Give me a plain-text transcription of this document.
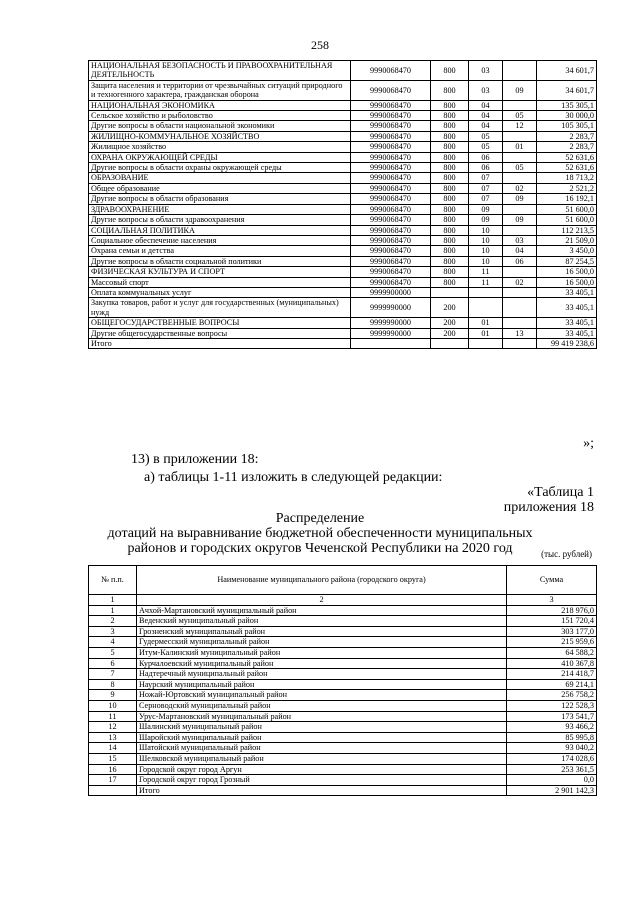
258
НАЦИОНАЛЬНАЯ БЕЗОПАСНОСТЬ И ПРАВООХРАНИТЕЛЬНАЯ ДЕЯТЕЛЬНОСТЬ	9990068470	800	03		34 601,7
Защита населения и территории от чрезвычайных ситуаций природного и техногенного характера, гражданская оборона	9990068470	800	03	09	34 601,7
НАЦИОНАЛЬНАЯ ЭКОНОМИКА	9990068470	800	04		135 305,1
Сельское хозяйство и рыболовство	9990068470	800	04	05	30 000,0
Другие вопросы в области национальной экономики	9990068470	800	04	12	105 305,1
ЖИЛИЩНО-КОММУНАЛЬНОЕ ХОЗЯЙСТВО	9990068470	800	05		2 283,7
Жилищное хозяйство	9990068470	800	05	01	2 283,7
ОХРАНА ОКРУЖАЮЩЕЙ СРЕДЫ	9990068470	800	06		52 631,6
Другие вопросы в области охраны окружающей среды	9990068470	800	06	05	52 631,6
ОБРАЗОВАНИЕ	9990068470	800	07		18 713,2
Общее образование	9990068470	800	07	02	2 521,2
Другие вопросы в области образования	9990068470	800	07	09	16 192,1
ЗДРАВООХРАНЕНИЕ	9990068470	800	09		51 600,0
Другие вопросы в области здравоохранения	9990068470	800	09	09	51 600,0
СОЦИАЛЬНАЯ ПОЛИТИКА	9990068470	800	10		112 213,5
Социальное обеспечение населения	9990068470	800	10	03	21 509,0
Охрана семьи и детства	9990068470	800	10	04	3 450,0
Другие вопросы в области социальной политики	9990068470	800	10	06	87 254,5
ФИЗИЧЕСКАЯ КУЛЬТУРА И СПОРТ	9990068470	800	11		16 500,0
Массовый спорт	9990068470	800	11	02	16 500,0
Оплата коммунальных услуг	9999900000				33 405,1
Закупка товаров, работ и услуг для государственных (муниципальных) нужд	9999990000	200			33 405,1
ОБЩЕГОСУДАРСТВЕННЫЕ ВОПРОСЫ	9999990000	200	01		33 405,1
Другие общегосударственные вопросы	9999990000	200	01	13	33 405,1
Итого					99 419 238,6
»;
13) в приложении 18:
а) таблицы 1-11 изложить в следующей редакции:
«Таблица 1
приложения 18
Распределение
дотаций на выравнивание бюджетной обеспеченности муниципальных
районов и городских округов Чеченской Республики на 2020 год	(тыс. рублей)
№ п.п.	Наименование муниципального района (городского округа)	Сумма
1	2	3
1	Ачхой-Мартановский муниципальный район	218 976,0
2	Веденский муниципальный район	151 720,4
3	Грозненский муниципальный район	303 177,0
4	Гудермесский муниципальный район	215 959,6
5	Итум-Калинский муниципальный район	64 588,2
6	Курчалоевский муниципальный район	410 367,8
7	Надтеречный муниципальный район	214 418,7
8	Наурский муниципальный район	69 214,1
9	Ножай-Юртовский муниципальный район	256 758,2
10	Серноводский муниципальный район	122 528,3
11	Урус-Мартановский муниципальный район	173 541,7
12	Шалинский муниципальный район	93 466,2
13	Шаройский муниципальный район	85 995,8
14	Шатойский муниципальный район	93 040,2
15	Шелковской муниципальный район	174 028,6
16	Городской округ город Аргун	253 361,5
17	Городской округ город Грозный	0,0
	Итого	2 901 142,3
